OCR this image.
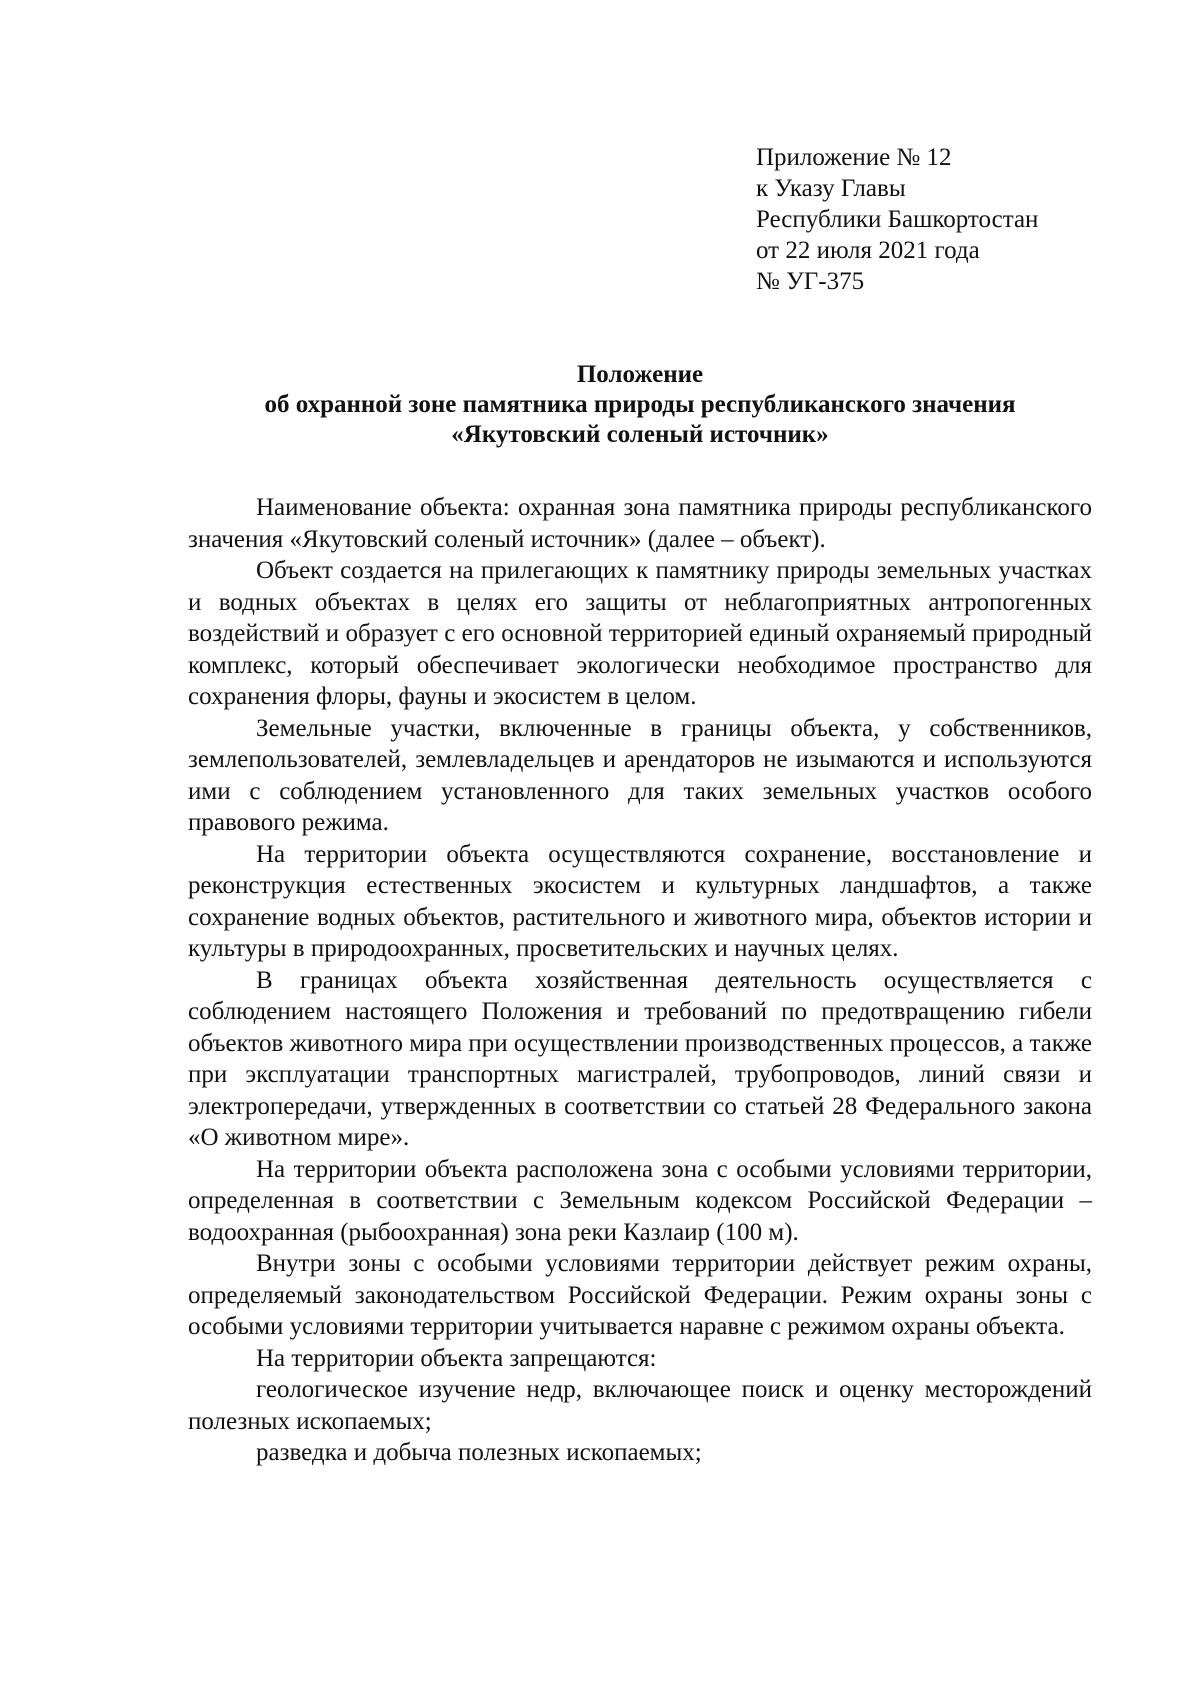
Приложение № 12
к Указу Главы
Республики Башкортостан
от 22 июля 2021 года
№ УГ-375
Положение
об охранной зоне памятника природы республиканского значения
«Якутовский соленый источник»

Наименование объекта: охранная зона памятника природы республиканского значения «Якутовский соленый источник» (далее – объект).

Объект создается на прилегающих к памятнику природы земельных участках и водных объектах в целях его защиты от неблагоприятных антропогенных воздействий и образует с его основной территорией единый охраняемый природный комплекс, который обеспечивает экологически необходимое пространство для сохранения флоры, фауны и экосистем в целом.

Земельные участки, включенные в границы объекта, у собственников, землепользователей, землевладельцев и арендаторов не изымаются и используются ими с соблюдением установленного для таких земельных участков особого правового режима.

На территории объекта осуществляются сохранение, восстановление и реконструкция естественных экосистем и культурных ландшафтов, а также сохранение водных объектов, растительного и животного мира, объектов истории и культуры в природоохранных, просветительских и научных целях.

В границах объекта хозяйственная деятельность осуществляется с соблюдением настоящего Положения и требований по предотвращению гибели объектов животного мира при осуществлении производственных процессов, а также при эксплуатации транспортных магистралей, трубопроводов, линий связи и электропередачи, утвержденных в соответствии со статьей 28 Федерального закона «О животном мире».

На территории объекта расположена зона с особыми условиями территории, определенная в соответствии с Земельным кодексом Российской Федерации – водоохранная (рыбоохранная) зона реки Казлаир (100 м).

Внутри зоны с особыми условиями территории действует режим охраны, определяемый законодательством Российской Федерации. Режим охраны зоны с особыми условиями территории учитывается наравне с режимом охраны объекта.

На территории объекта запрещаются:

геологическое изучение недр, включающее поиск и оценку месторождений полезных ископаемых;

разведка и добыча полезных ископаемых;
